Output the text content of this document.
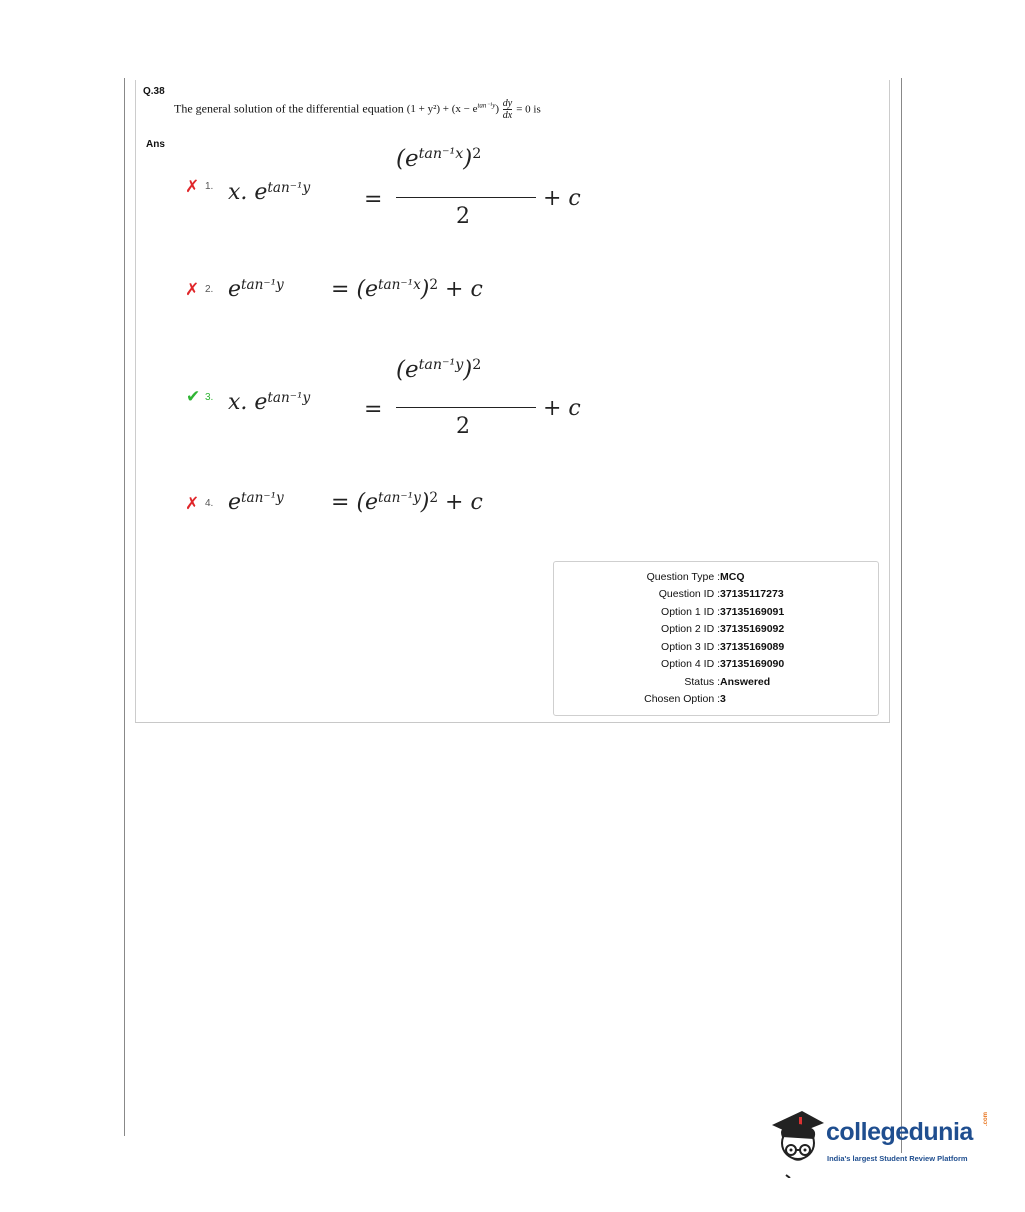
Q.38
The general solution of the differential equation $(1 + y^2) + (x - e^{tan^{-1}y}) \frac{dy}{dx} = 0$ is
Ans
✗ 1. x. $e^{tan^{-1}y}$ =
$(e^{tan^{-1}x})^2$
2
+ c
✗ 2. $e^{tan^{-1}y} = (e^{tan^{-1}x})^2 + c$
✔ 3. x. $e^{tan^{-1}y}$ =
$(e^{tan^{-1}y})^2$
2
+ c
✗ 4. $e^{tan^{-1}y} = (e^{tan^{-1}y})^2 + c$
Question Type : MCQ
Question ID : 37135117273
Option 1 ID : 37135169091
Option 2 ID : 37135169092
Option 3 ID : 37135169089
Option 4 ID : 37135169090
Status : Answered
Chosen Option : 3
collegedunia .com
India's largest Student Review Platform
